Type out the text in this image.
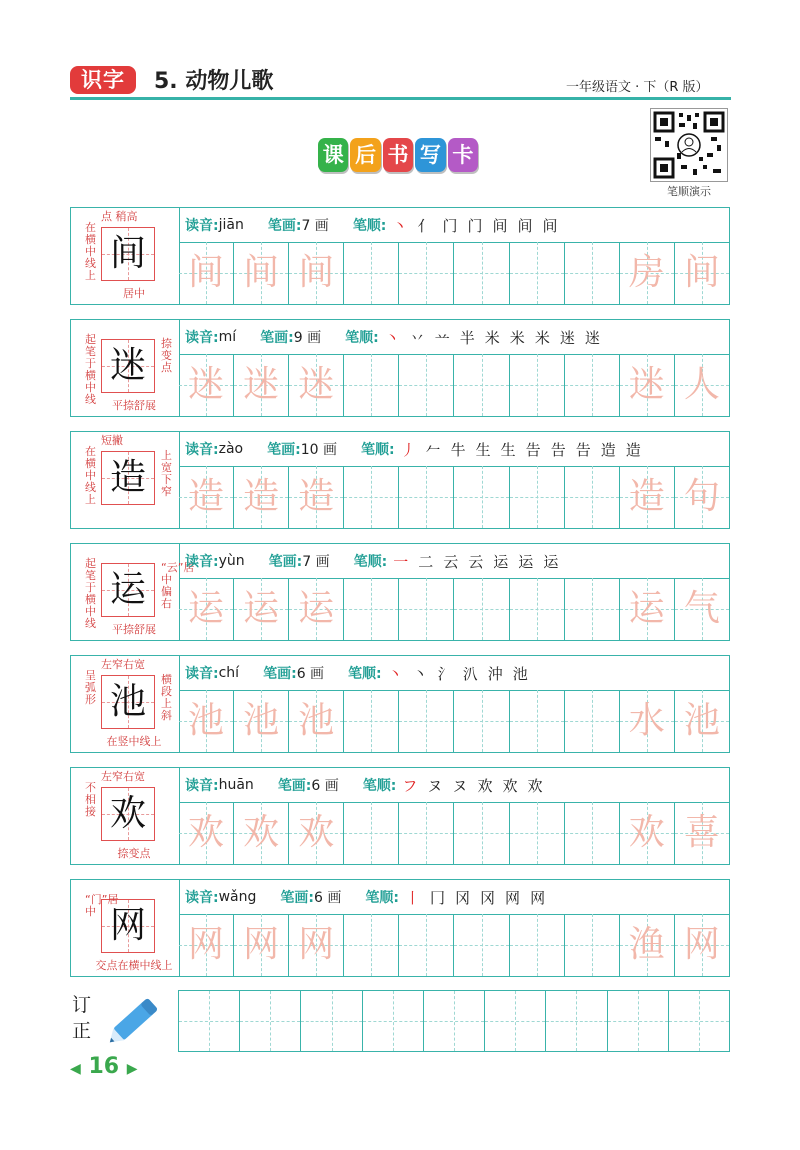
识字	5. 动物儿歌	一年级语文 · 下（R 版）
课 后 书 写 卡
笔顺演示
间
点 稍高
在横中线上
居中
读音: jiān 笔画: 7 画 笔顺: 丶 亻 门 门 间 间 间
间 间 间	房 间
迷
起笔于横中线
捺变点
平捺舒展
读音: mí 笔画: 9 画 笔顺: 丶 丷 䒑 半 米 米 米 迷 迷
迷 迷 迷	迷 人
造
短撇
在横中线上
上宽下窄
读音: zào 笔画: 10 画 笔顺: 丿 𠂉 牛 生 生 告 告 告 造 造
造 造 造	造 句
运
起笔于横中线
“云”居中偏右
平捺舒展
读音: yùn 笔画: 7 画 笔顺: 一 二 云 云 运 运 运
运 运 运	运 气
池
左窄右宽
呈弧形
横段上斜
在竖中线上
读音: chí 笔画: 6 画 笔顺: 丶 丶 氵 汃 沖 池
池 池 池	水 池
欢
左窄右宽
不相接
捺变点
读音: huān 笔画: 6 画 笔顺: フ ヌ ヌ 欢 欢 欢
欢 欢 欢	欢 喜
网
“门”居中
交点在横中线上
读音: wǎng 笔画: 6 画 笔顺: 丨 冂 冈 冈 网 网
网 网 网	渔 网
订正
◀ 16 ▶
